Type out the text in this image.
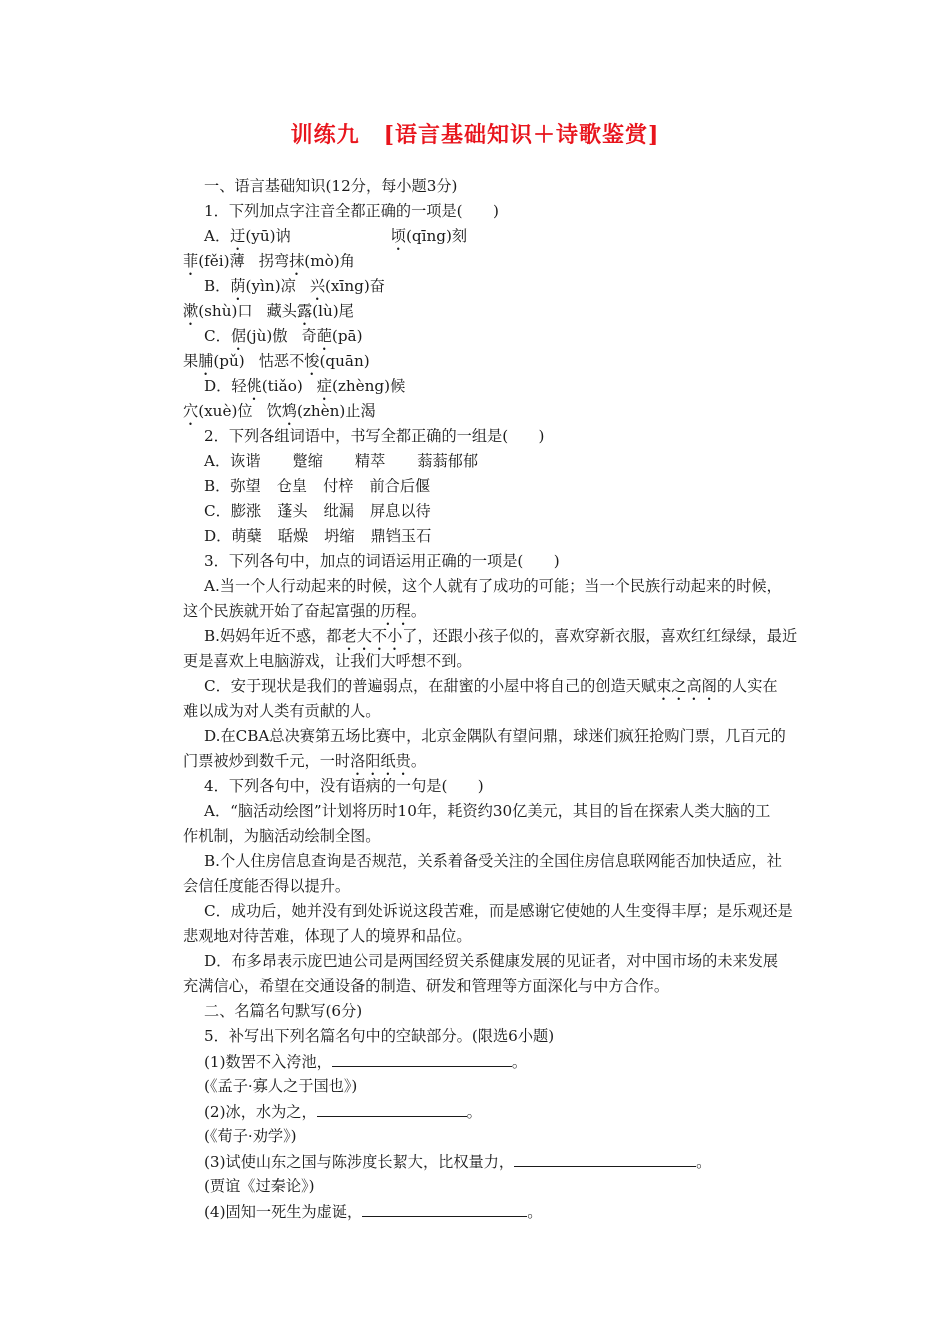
训练九 [语言基础知识＋诗歌鉴赏]
一、语言基础知识(12分，每小题3分)
1．下列加点字注音全都正确的一项是(　　)
A．迂(yū)讷	顷(qīng)刻
菲(fěi)薄 拐弯抹(mò)角
B．荫(yìn)凉 兴(xīng)奋
漱(shù)口 藏头露(lù)尾
C．倨(jù)傲 奇葩(pā)
果脯(pǔ) 怙恶不悛(quān)
D．轻佻(tiǎo) 症(zhèng)候
穴(xuè)位 饮鸩(zhèn)止渴
2．下列各组词语中，书写全都正确的一组是(　　)
A．诙谐 蹩缩 精萃 蓊蓊郁郁
B．弥望 仓皇 付梓 前合后偃
C．膨涨 蓬头 纰漏 屏息以待
D．萌蘖 聒燥 坍缩 鼎铛玉石
3．下列各句中，加点的词语运用正确的一项是(　　)
A.当一个人行动起来的时候，这个人就有了成功的可能；当一个民族行动起来的时候，
这个民族就开始了奋起富强的历程。
B.妈妈年近不惑，都老大不小了，还跟小孩子似的，喜欢穿新衣服，喜欢红红绿绿，最近
更是喜欢上电脑游戏，让我们大呼想不到。
C．安于现状是我们的普遍弱点，在甜蜜的小屋中将自己的创造天赋束之高阁的人实在
难以成为对人类有贡献的人。
D.在CBA总决赛第五场比赛中，北京金隅队有望问鼎，球迷们疯狂抢购门票，几百元的
门票被炒到数千元，一时洛阳纸贵。
4．下列各句中，没有语病的一句是(　　)
A．“脑活动绘图”计划将历时10年，耗资约30亿美元，其目的旨在探索人类大脑的工
作机制，为脑活动绘制全图。
B.个人住房信息查询是否规范，关系着备受关注的全国住房信息联网能否加快适应，社
会信任度能否得以提升。
C．成功后，她并没有到处诉说这段苦难，而是感谢它使她的人生变得丰厚；是乐观还是
悲观地对待苦难，体现了人的境界和品位。
D．布多昂表示庞巴迪公司是两国经贸关系健康发展的见证者，对中国市场的未来发展
充满信心，希望在交通设备的制造、研发和管理等方面深化与中方合作。
二、名篇名句默写(6分)
5．补写出下列名篇名句中的空缺部分。(限选6小题)
(1)数罟不入洿池，	。
(《孟子·寡人之于国也》)
(2)冰，水为之，	。
(《荀子·劝学》)
(3)试使山东之国与陈涉度长絜大，比权量力，	。
(贾谊《过秦论》)
(4)固知一死生为虚诞，	。
